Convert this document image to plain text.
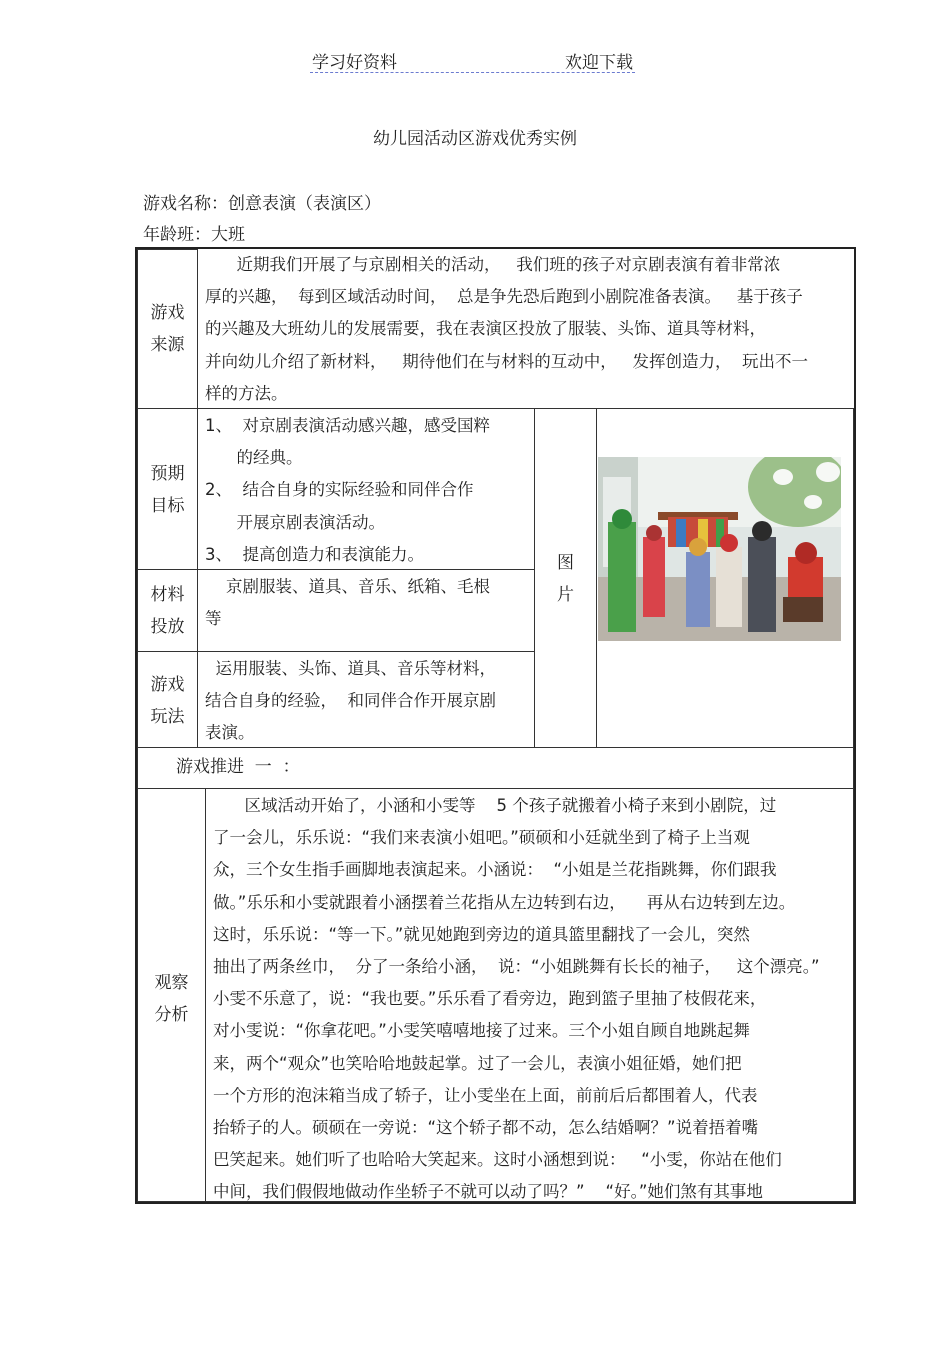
学习好资料	欢迎下载
幼儿园活动区游戏优秀实例
游戏名称：创意表演（表演区）
年龄班：大班
游戏
来源
近期我们开展了与京剧相关的活动，   我们班的孩子对京剧表演有着非常浓
厚的兴趣，  每到区域活动时间，  总是争先恐后跑到小剧院准备表演。   基于孩子
的兴趣及大班幼儿的发展需要，我在表演区投放了服装、头饰、道具等材料，
并向幼儿介绍了新材料，   期待他们在与材料的互动中，   发挥创造力，  玩出不一
样的方法。
预期
目标
1、  对京剧表演活动感兴趣，感受国粹
的经典。
2、  结合自身的实际经验和同伴合作
开展京剧表演活动。
3、  提高创造力和表演能力。
材料
投放
京剧服装、道具、音乐、纸箱、毛根
等
游戏
玩法
运用服装、头饰、道具、音乐等材料，
结合自身的经验，  和同伴合作开展京剧
表演。
图
片
游戏推进  一  ：
观察
分析
区域活动开始了，小涵和小雯等    5 个孩子就搬着小椅子来到小剧院，过
了一会儿，乐乐说：“我们来表演小姐吧。”硕硕和小廷就坐到了椅子上当观
众，三个女生指手画脚地表演起来。小涵说：  “小姐是兰花指跳舞，你们跟我
做。”乐乐和小雯就跟着小涵摆着兰花指从左边转到右边，    再从右边转到左边。
这时，乐乐说：“等一下。”就见她跑到旁边的道具篮里翻找了一会儿，突然
抽出了两条丝巾，  分了一条给小涵，  说：“小姐跳舞有长长的袖子，   这个漂亮。”
小雯不乐意了，说：“我也要。”乐乐看了看旁边，跑到篮子里抽了枝假花来，
对小雯说：“你拿花吧。”小雯笑嘻嘻地接了过来。三个小姐自顾自地跳起舞
来，两个“观众”也笑哈哈地鼓起掌。过了一会儿，表演小姐征婚，她们把
一个方形的泡沫箱当成了轿子，让小雯坐在上面，前前后后都围着人，代表
抬轿子的人。硕硕在一旁说：“这个轿子都不动，怎么结婚啊？”说着捂着嘴
巴笑起来。她们听了也哈哈大笑起来。这时小涵想到说：   “小雯，你站在他们
中间，我们假假地做动作坐轿子不就可以动了吗？”    “好。”她们煞有其事地
